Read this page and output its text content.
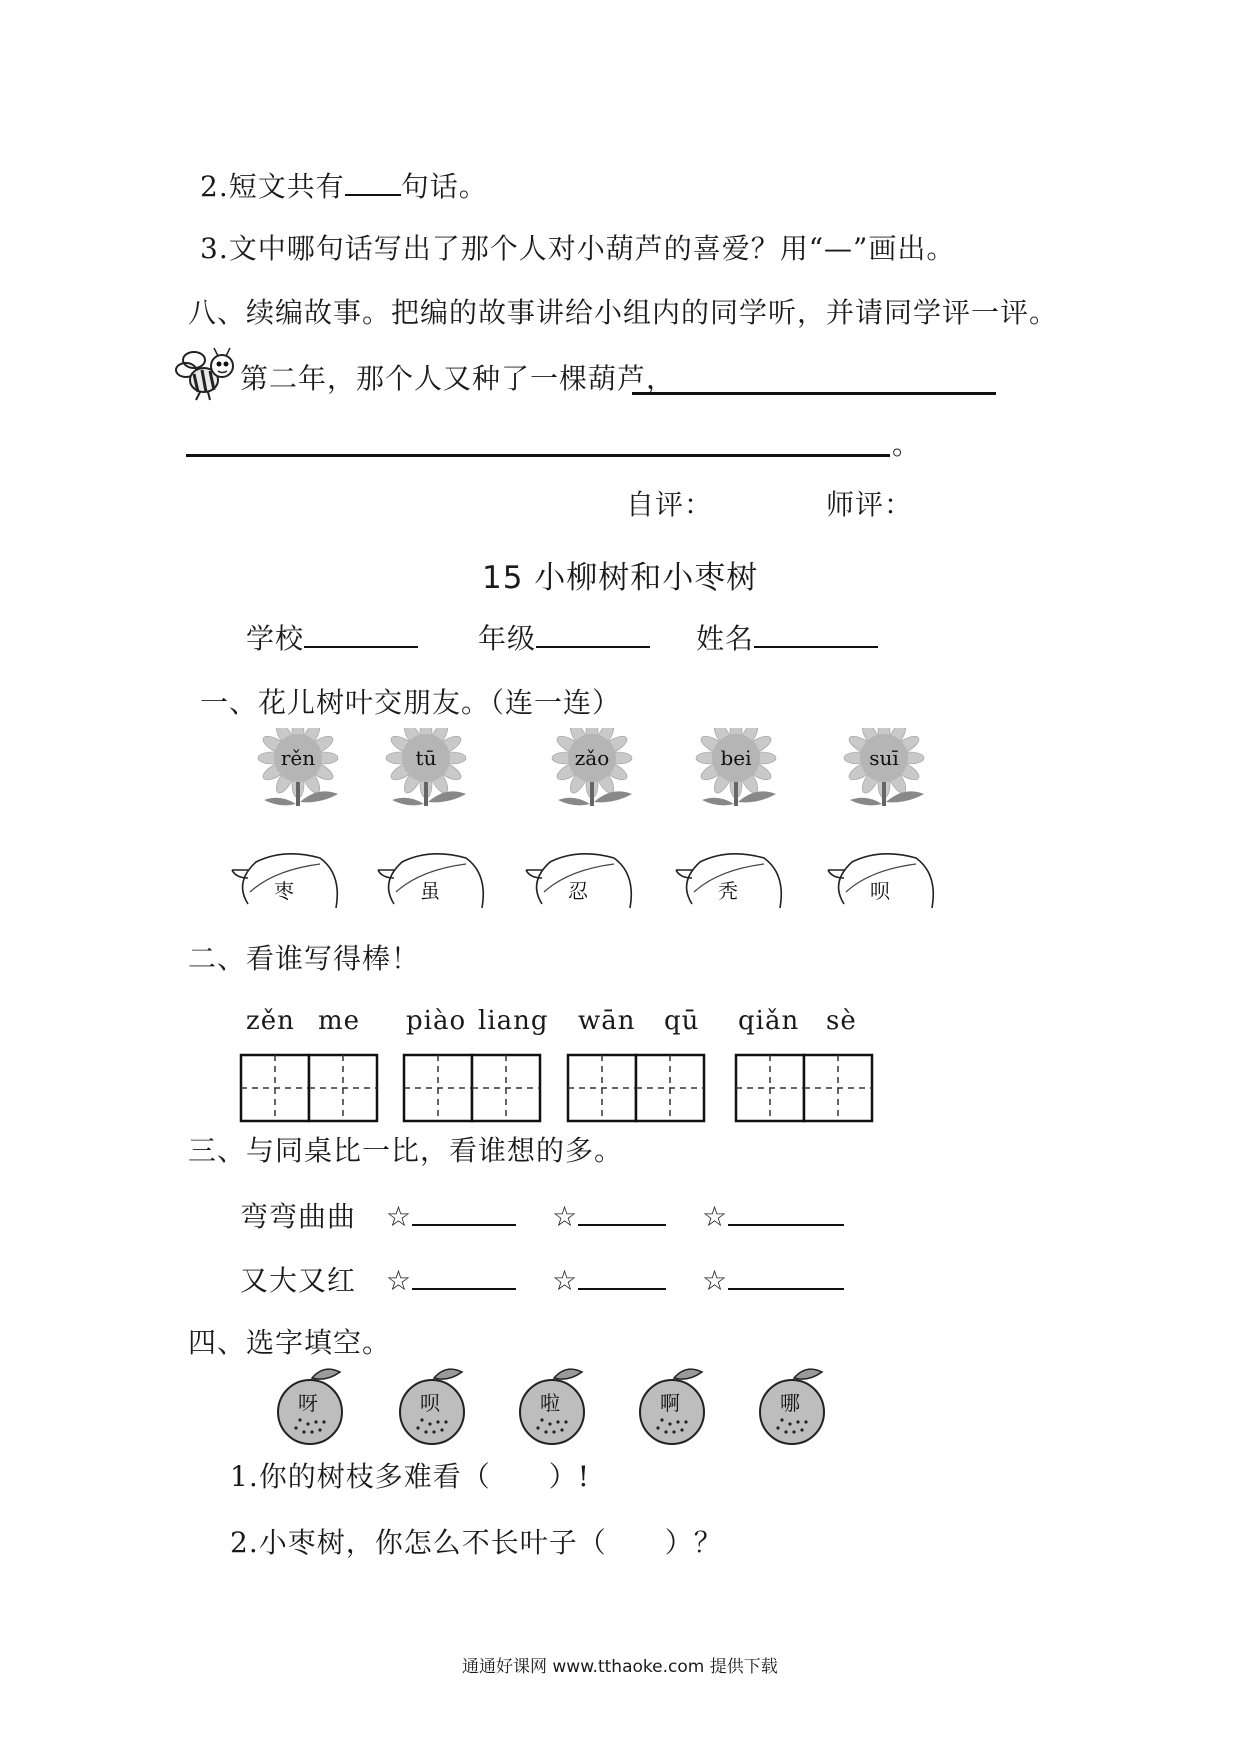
2.短文共有 句话。
3.文中哪句话写出了那个人对小葫芦的喜爱？用“—”画出。
八、续编故事。把编的故事讲给小组内的同学听，并请同学评一评。
第二年，那个人又种了一棵葫芦，
。
自评：	师评：
15 小柳树和小枣树
学校	年级	姓名
一、花儿树叶交朋友。（连一连）
rěn	tū	zǎo	bei	suī
枣	虽	忍	秃	呗
二、看谁写得棒！
zěn me piào liang wān qū qiǎn sè
三、与同桌比一比，看谁想的多。
弯弯曲曲 ☆	☆	☆
又大又红 ☆	☆	☆
四、选字填空。
呀	呗	啦	啊	哪
1.你的树枝多难看（　　）!
2.小枣树，你怎么不长叶子（　　）？
通通好课网 www.tthaoke.com 提供下载
